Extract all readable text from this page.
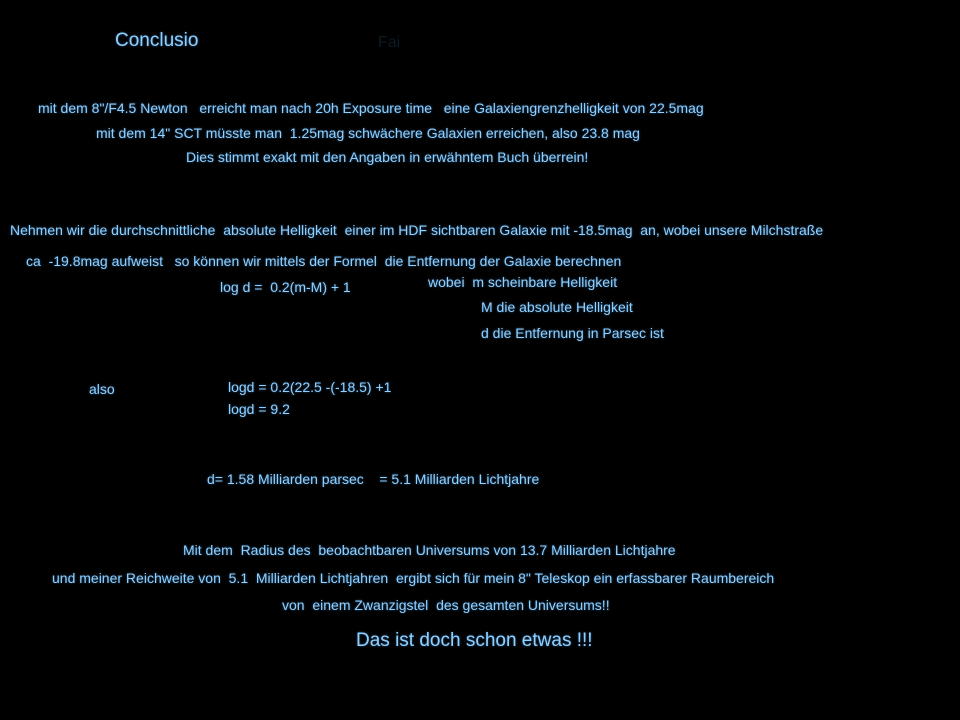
Conclusio	Fai
mit dem 8"/F4.5 Newton   erreicht man nach 20h Exposure time   eine Galaxiengrenzhelligkeit von 22.5mag
mit dem 14" SCT müsste man  1.25mag schwächere Galaxien erreichen, also 23.8 mag
Dies stimmt exakt mit den Angaben in erwähntem Buch überrein!
Nehmen wir die durchschnittliche  absolute Helligkeit  einer im HDF sichtbaren Galaxie mit -18.5mag  an, wobei unsere Milchstraße
ca  -19.8mag aufweist   so können wir mittels der Formel  die Entfernung der Galaxie berechnen
log d =  0.2(m-M) + 1	wobei  m scheinbare Helligkeit
M die absolute Helligkeit
d die Entfernung in Parsec ist
also	logd = 0.2(22.5 -(-18.5) +1
logd = 9.2
d= 1.58 Milliarden parsec    = 5.1 Milliarden Lichtjahre
Mit dem  Radius des  beobachtbaren Universums von 13.7 Milliarden Lichtjahre
und meiner Reichweite von  5.1  Milliarden Lichtjahren  ergibt sich für mein 8" Teleskop ein erfassbarer Raumbereich
von  einem Zwanzigstel  des gesamten Universums!!
Das ist doch schon etwas !!!
